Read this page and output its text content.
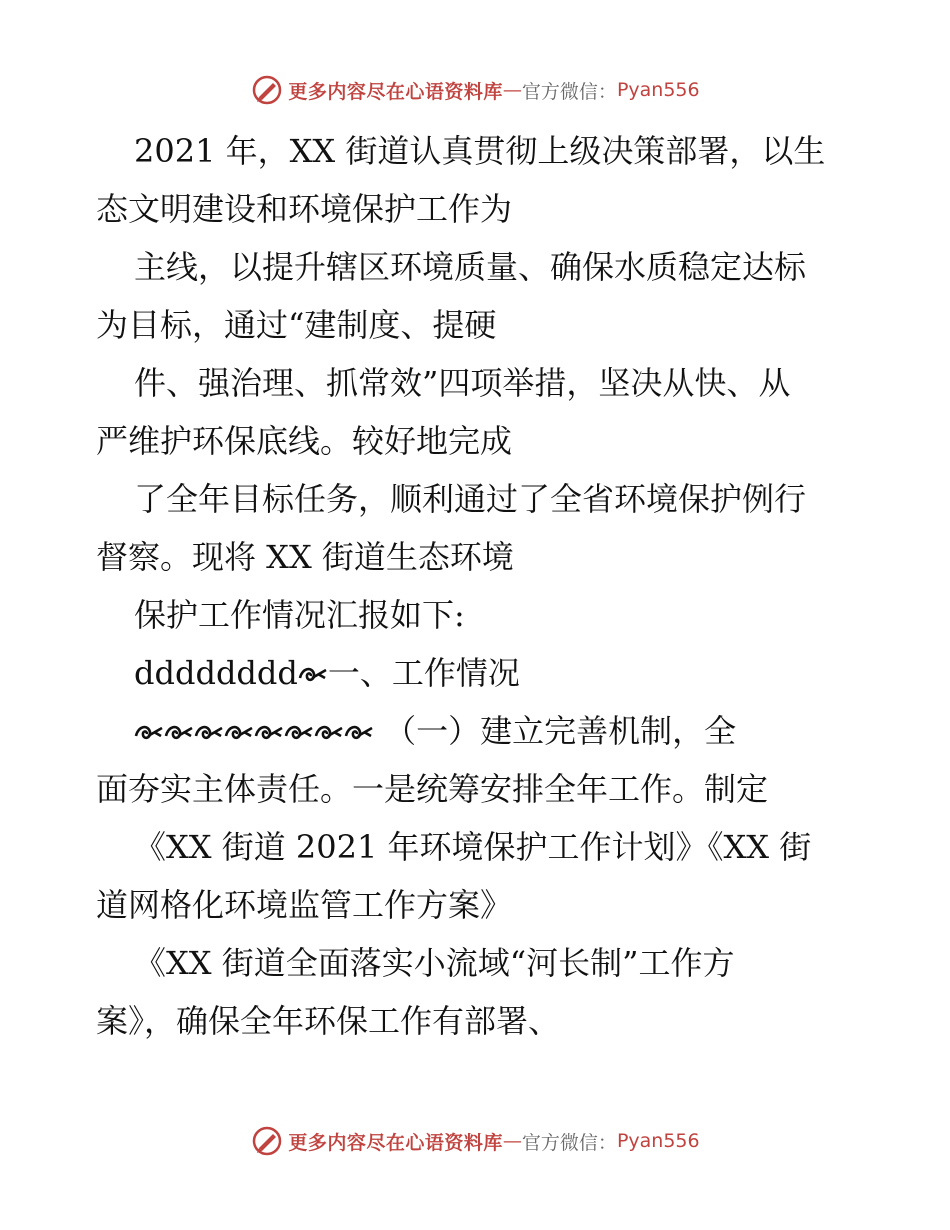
更多内容尽在心语资料库 — 官方微信： Pyan556
2021 年，XX 街道认真贯彻上级决策部署，以生
态文明建设和环境保护工作为
主线，以提升辖区环境质量、确保水质稳定达标
为目标，通过“建制度、提硬
件、强治理、抓常效”四项举措，坚决从快、从
严维护环保底线。较好地完成
了全年目标任务，顺利通过了全省环境保护例行
督察。现将 XX 街道生态环境
保护工作情况汇报如下:
dddddddd 一、工作情况
（一）建立完善机制，全
面夯实主体责任。一是统筹安排全年工作。制定
《XX 街道 2021 年环境保护工作计划》《XX 街
道网格化环境监管工作方案》
《XX 街道全面落实小流域“河长制”工作方
案》，确保全年环保工作有部署、
更多内容尽在心语资料库 — 官方微信： Pyan556
